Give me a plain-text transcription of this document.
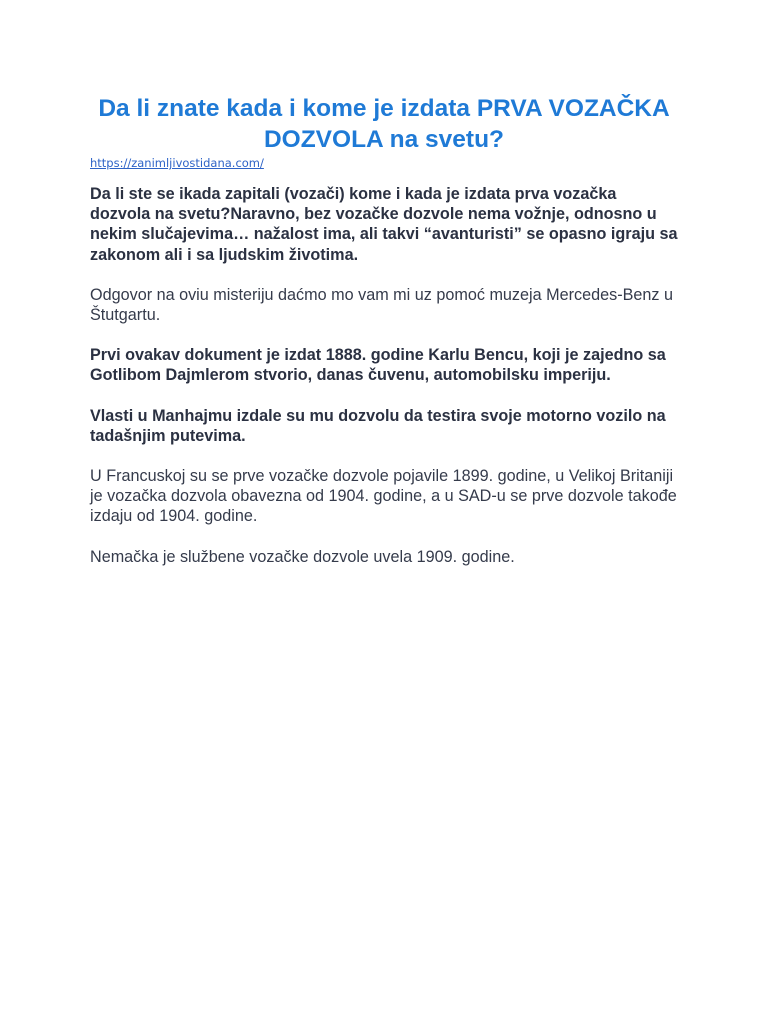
Da li znate kada i kome je izdata PRVA VOZAČKA DOZVOLA na svetu?
https://zanimljivostidana.com/

Da li ste se ikada zapitali (vozači) kome i kada je izdata prva vozačka dozvola na svetu?Naravno, bez vozačke dozvole nema vožnje, odnosno u nekim slučajevima… nažalost ima, ali takvi “avanturisti” se opasno igraju sa zakonom ali i sa ljudskim životima.

Odgovor na oviu misteriju daćmo mo vam mi uz pomoć muzeja Mercedes-Benz u Štutgartu.

Prvi ovakav dokument je izdat 1888. godine Karlu Bencu, koji je zajedno sa Gotlibom Dajmlerom stvorio, danas čuvenu, automobilsku imperiju.

Vlasti u Manhajmu izdale su mu dozvolu da testira svoje motorno vozilo na tadašnjim putevima.

U Francuskoj su se prve vozačke dozvole pojavile 1899. godine, u Velikoj Britaniji je vozačka dozvola obavezna od 1904. godine, a u SAD-u se prve dozvole takođe izdaju od 1904. godine.

Nemačka je službene vozačke dozvole uvela 1909. godine.
